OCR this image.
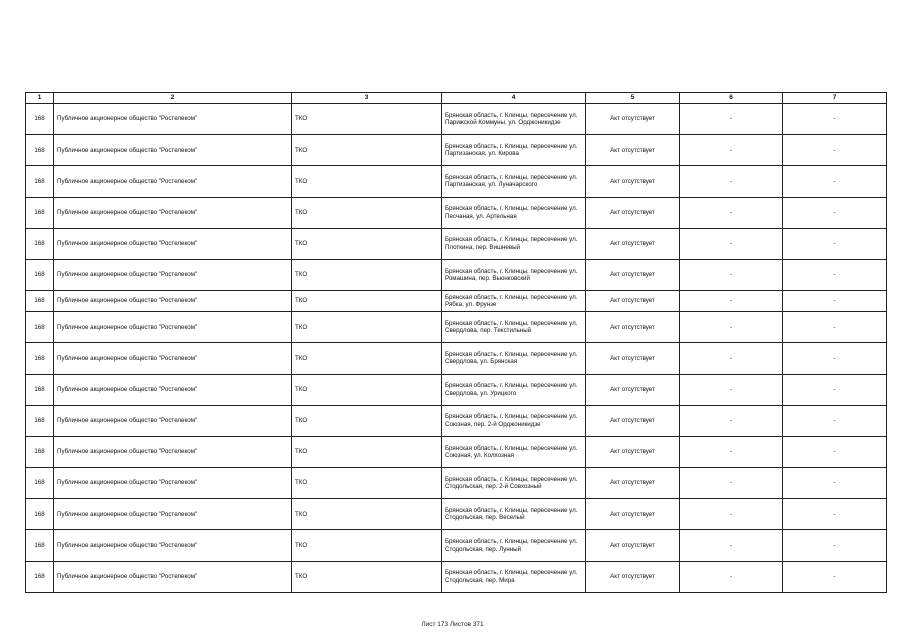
1	2	3	4	5	6	7
168	Публичное акционерное общество "Ростелеком"	ТКО	Брянская область, г. Клинцы, пересечение ул. Парижской Коммуны, ул. Орджоникидзе	Акт отсутствует	-	-
168	Публичное акционерное общество "Ростелеком"	ТКО	Брянская область, г. Клинцы, пересечение ул. Партизанская, ул. Кирова	Акт отсутствует	-	-
168	Публичное акционерное общество "Ростелеком"	ТКО	Брянская область, г. Клинцы, пересечение ул. Партизанская, ул. Луначарского	Акт отсутствует	-	-
168	Публичное акционерное общество "Ростелеком"	ТКО	Брянская область, г. Клинцы, пересечение ул. Песчаная, ул. Артельная	Акт отсутствует	-	-
168	Публичное акционерное общество "Ростелеком"	ТКО	Брянская область, г. Клинцы, пересечение ул. Плоткина, пер. Вишневый	Акт отсутствует	-	-
168	Публичное акционерное общество "Ростелеком"	ТКО	Брянская область, г. Клинцы, пересечение ул. Ромашина, пер. Вьюнковский	Акт отсутствует	-	-
168	Публичное акционерное общество "Ростелеком"	ТКО	Брянская область, г. Клинцы, пересечение ул. Рябка, ул. Фрунзе	Акт отсутствует	-	-
168	Публичное акционерное общество "Ростелеком"	ТКО	Брянская область, г. Клинцы, пересечение ул. Свердлова, пер. Текстильный	Акт отсутствует	-	-
168	Публичное акционерное общество "Ростелеком"	ТКО	Брянская область, г. Клинцы, пересечение ул. Свердлова, ул. Брянская	Акт отсутствует	-	-
168	Публичное акционерное общество "Ростелеком"	ТКО	Брянская область, г. Клинцы, пересечение ул. Свердлова, ул. Урицкого	Акт отсутствует	-	-
168	Публичное акционерное общество "Ростелеком"	ТКО	Брянская область, г. Клинцы, пересечение ул. Союзная, пер. 2-й Орджоникидзе	Акт отсутствует	-	-
168	Публичное акционерное общество "Ростелеком"	ТКО	Брянская область, г. Клинцы, пересечение ул. Союзная, ул. Колхозная	Акт отсутствует	-	-
168	Публичное акционерное общество "Ростелеком"	ТКО	Брянская область, г. Клинцы, пересечение ул. Стодольская, пер. 2-й Совхозный	Акт отсутствует	-	-
168	Публичное акционерное общество "Ростелеком"	ТКО	Брянская область, г. Клинцы, пересечение ул. Стодольская, пер. Веселый	Акт отсутствует	-	-
168	Публичное акционерное общество "Ростелеком"	ТКО	Брянская область, г. Клинцы, пересечение ул. Стодольская, пер. Лунный	Акт отсутствует	-	-
168	Публичное акционерное общество "Ростелеком"	ТКО	Брянская область, г. Клинцы, пересечение ул. Стодольская, пер. Мира	Акт отсутствует	-	-
Лист 173 Листов 371
